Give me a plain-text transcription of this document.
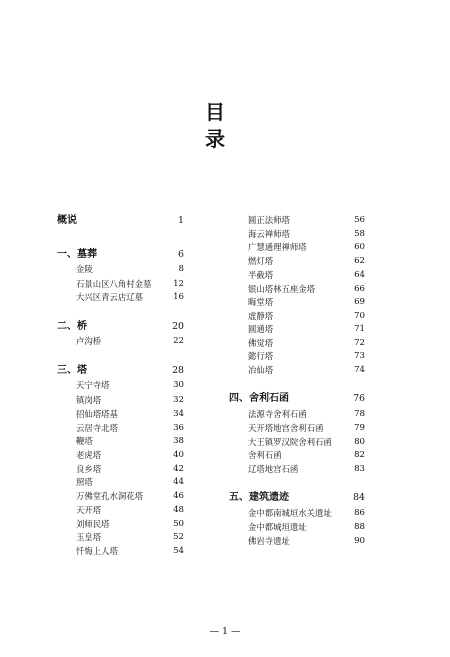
目
录
概说	1
一、墓葬	6
金陵	8
石景山区八角村金墓	12
大兴区青云店辽墓	16
二、桥	20
卢沟桥	22
三、塔	28
天宁寺塔	30
镇岗塔	32
招仙塔塔基	34
云居寺北塔	36
鞭塔	38
老虎塔	40
良乡塔	42
照塔	44
万佛堂孔水洞花塔	46
天开塔	48
刘师民塔	50
玉皇塔	52
忏悔上人塔	54
圆正法师塔	56
海云禅师塔	58
广慧通理禅师塔	60
燃灯塔	62
半截塔	64
银山塔林五座金塔	66
晦堂塔	69
虚静塔	70
圆通塔	71
佛觉塔	72
懿行塔	73
冶仙塔	74
四、舍利石函	76
法源寺舍利石函	78
天开塔地宫舍利石函	79
大王镇罗汉院舍利石函	80
舍利石函	82
辽塔地宫石函	83
五、建筑遗迹	84
金中都南城垣水关遗址	86
金中都城垣遗址	88
佛岩寺遗址	90
— 1 —
